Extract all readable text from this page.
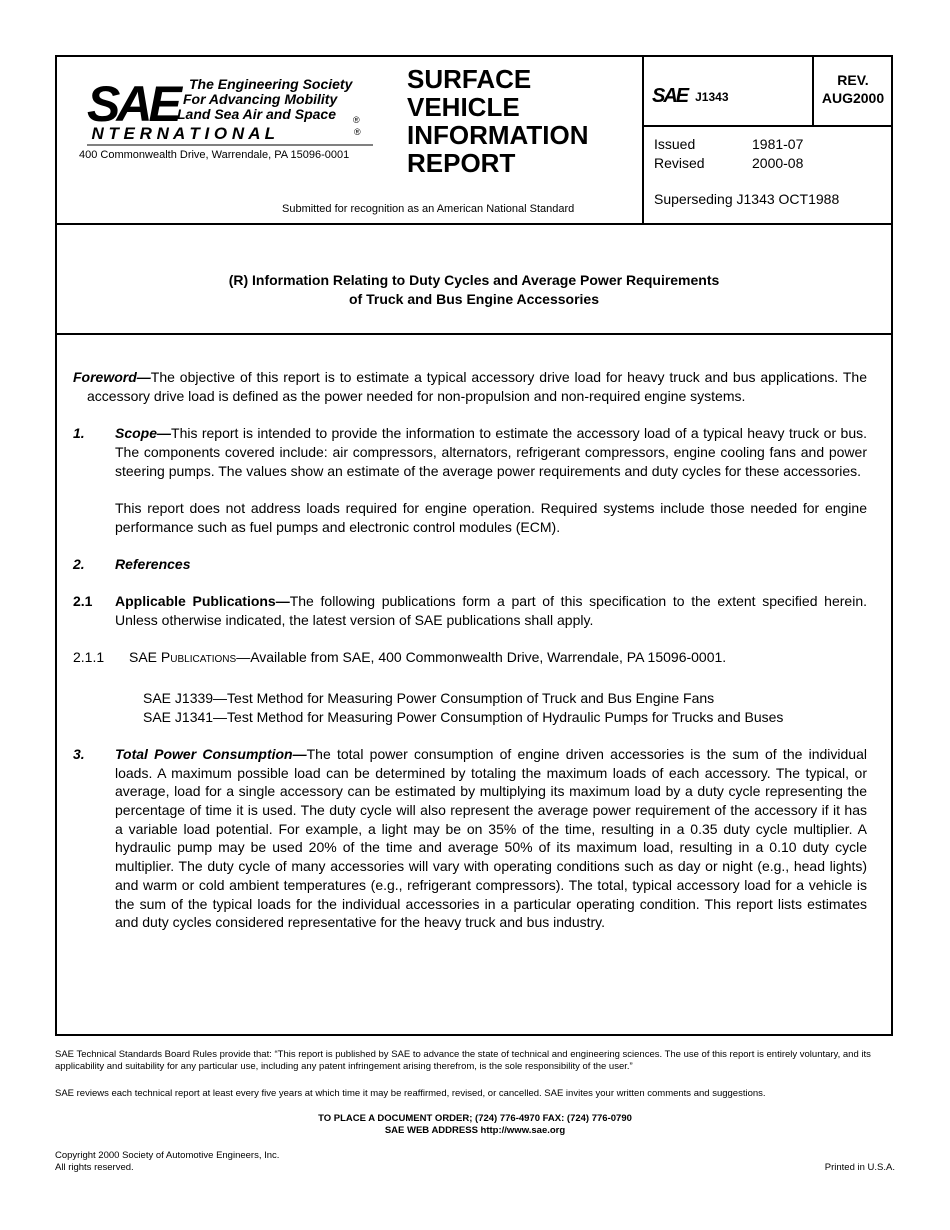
SAE The Engineering Society
For Advancing Mobility
Land Sea Air and Space ®
I N T E R N A T I O N A L	®
400 Commonwealth Drive, Warrendale, PA 15096-0001
SURFACE
VEHICLE
INFORMATION
REPORT
Submitted for recognition as an American National Standard
SAE J1343
REV.
AUG2000
Issued	1981-07
Revised	2000-08
Superseding J1343 OCT1988
(R) Information Relating to Duty Cycles and Average Power Requirements
of Truck and Bus Engine Accessories

Foreword—The objective of this report is to estimate a typical accessory drive load for heavy truck and bus applications. The accessory drive load is defined as the power needed for non-propulsion and non-required engine systems.

1. Scope—This report is intended to provide the information to estimate the accessory load of a typical heavy truck or bus. The components covered include: air compressors, alternators, refrigerant compressors, engine cooling fans and power steering pumps. The values show an estimate of the average power requirements and duty cycles for these accessories.

This report does not address loads required for engine operation. Required systems include those needed for engine performance such as fuel pumps and electronic control modules (ECM).

2. References

2.1 Applicable Publications—The following publications form a part of this specification to the extent specified herein. Unless otherwise indicated, the latest version of SAE publications shall apply.

2.1.1 SAE PUBLICATIONS—Available from SAE, 400 Commonwealth Drive, Warrendale, PA 15096-0001.

SAE J1339—Test Method for Measuring Power Consumption of Truck and Bus Engine Fans

SAE J1341—Test Method for Measuring Power Consumption of Hydraulic Pumps for Trucks and Buses

3. Total Power Consumption—The total power consumption of engine driven accessories is the sum of the individual loads. A maximum possible load can be determined by totaling the maximum loads of each accessory. The typical, or average, load for a single accessory can be estimated by multiplying its maximum load by a duty cycle representing the percentage of time it is used. The duty cycle will also represent the average power requirement of the accessory if it has a variable load potential. For example, a light may be on 35% of the time, resulting in a 0.35 duty cycle multiplier. A hydraulic pump may be used 20% of the time and average 50% of its maximum load, resulting in a 0.10 duty cycle multiplier. The duty cycle of many accessories will vary with operating conditions such as day or night (e.g., head lights) and warm or cold ambient temperatures (e.g., refrigerant compressors). The total, typical accessory load for a vehicle is the sum of the typical loads for the individual accessories in a particular operating condition. This report lists estimates and duty cycles considered representative for the heavy truck and bus industry.

SAE Technical Standards Board Rules provide that: “This report is published by SAE to advance the state of technical and engineering sciences. The use of this report is entirely voluntary, and its applicability and suitability for any particular use, including any patent infringement arising therefrom, is the sole responsibility of the user.”
SAE reviews each technical report at least every five years at which time it may be reaffirmed, revised, or cancelled. SAE invites your written comments and suggestions.
TO PLACE A DOCUMENT ORDER; (724) 776-4970 FAX: (724) 776-0790
SAE WEB ADDRESS http://www.sae.org
Copyright 2000 Society of Automotive Engineers, Inc.
All rights reserved.	Printed in U.S.A.
